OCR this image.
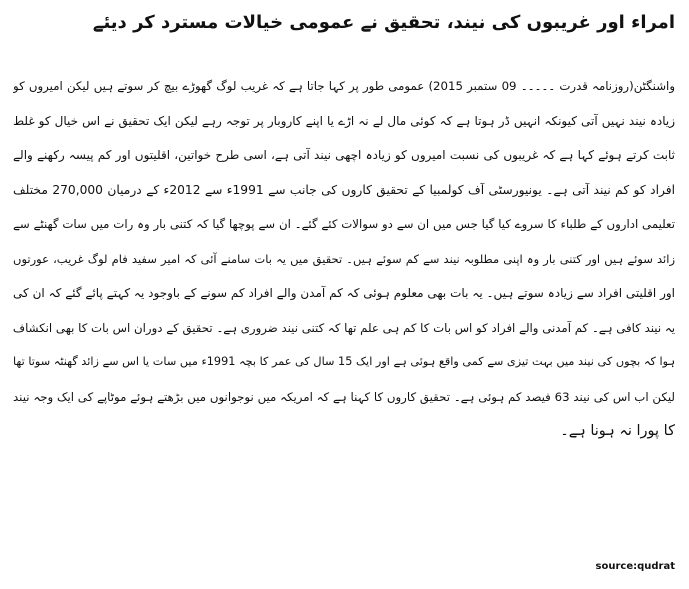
امراء اور غریبوں کی نیند، تحقیق نے عمومی خیالات مسترد کر دیئے
واشنگٹن(روزنامہ قدرت ۔۔۔۔۔ 09 ستمبر 2015) عمومی طور پر کہا جاتا ہے کہ غریب لوگ گھوڑے بیچ کر سوتے ہیں لیکن امیروں کو
زیادہ نیند نہیں آتی کیونکہ انہیں ڈر ہوتا ہے کہ کوئی مال لے نہ اڑے یا اپنے کاروبار پر توجہ رہے لیکن ایک تحقیق نے اس خیال کو غلط
ثابت کرتے ہوئے کہا ہے کہ غریبوں کی نسبت امیروں کو زیادہ اچھی نیند آتی ہے، اسی طرح خواتین، اقلیتوں اور کم پیسہ رکھنے والے
افراد کو کم نیند آتی ہے۔ یونیورسٹی آف کولمبیا کے تحقیق کاروں کی جانب سے 1991ء سے 2012ء کے درمیان 270,000 مختلف
تعلیمی اداروں کے طلباء کا سروے کیا گیا جس میں ان سے دو سوالات کئے گئے۔ ان سے پوچھا گیا کہ کتنی بار وہ رات میں سات گھنٹے سے
زائد سوئے ہیں اور کتنی بار وہ اپنی مطلوبہ نیند سے کم سوئے ہیں۔ تحقیق میں یہ بات سامنے آئی کہ امیر سفید فام لوگ غریب، عورتوں
اور اقلیتی افراد سے زیادہ سوتے ہیں۔ یہ بات بھی معلوم ہوئی کہ کم آمدن والے افراد کم سونے کے باوجود یہ کہتے پائے گئے کہ ان کی
یہ نیند کافی ہے۔ کم آمدنی والے افراد کو اس بات کا کم ہی علم تھا کہ کتنی نیند ضروری ہے۔ تحقیق کے دوران اس بات کا بھی انکشاف
ہوا کہ بچوں کی نیند میں بہت تیزی سے کمی واقع ہوئی ہے اور ایک 15 سال کی عمر کا بچہ 1991ء میں سات یا اس سے زائد گھنٹہ سوتا تھا
لیکن اب اس کی نیند 63 فیصد کم ہوئی ہے۔ تحقیق کاروں کا کہنا ہے کہ امریکہ میں نوجوانوں میں بڑھتے ہوئے موٹاپے کی ایک وجہ نیند
کا پورا نہ ہونا ہے۔
source:qudrat
